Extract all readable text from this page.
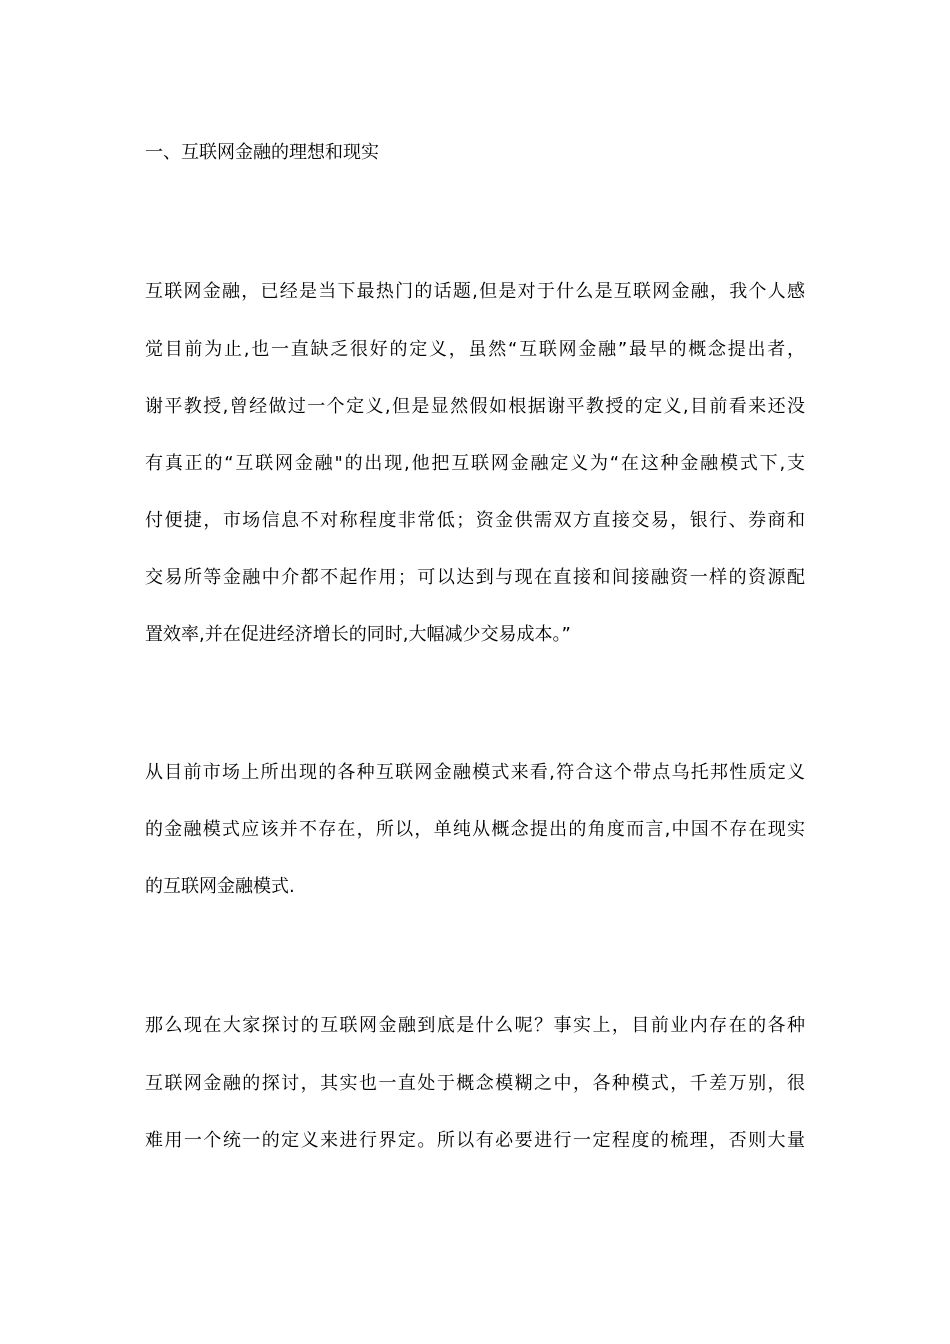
一、互联网金融的理想和现实
互联网金融，已经是当下最热门的话题,但是对于什么是互联网金融，我个人感
觉目前为止,也一直缺乏很好的定义，虽然“互联网金融”最早的概念提出者，
谢平教授,曾经做过一个定义,但是显然假如根据谢平教授的定义,目前看来还没
有真正的“互联网金融"的出现,他把互联网金融定义为“在这种金融模式下,支
付便捷，市场信息不对称程度非常低；资金供需双方直接交易，银行、券商和
交易所等金融中介都不起作用；可以达到与现在直接和间接融资一样的资源配
置效率,并在促进经济增长的同时,大幅减少交易成本。”
从目前市场上所出现的各种互联网金融模式来看,符合这个带点乌托邦性质定义
的金融模式应该并不存在，所以，单纯从概念提出的角度而言,中国不存在现实
的互联网金融模式.
那么现在大家探讨的互联网金融到底是什么呢？事实上，目前业内存在的各种
互联网金融的探讨，其实也一直处于概念模糊之中，各种模式，千差万别，很
难用一个统一的定义来进行界定。所以有必要进行一定程度的梳理，否则大量
